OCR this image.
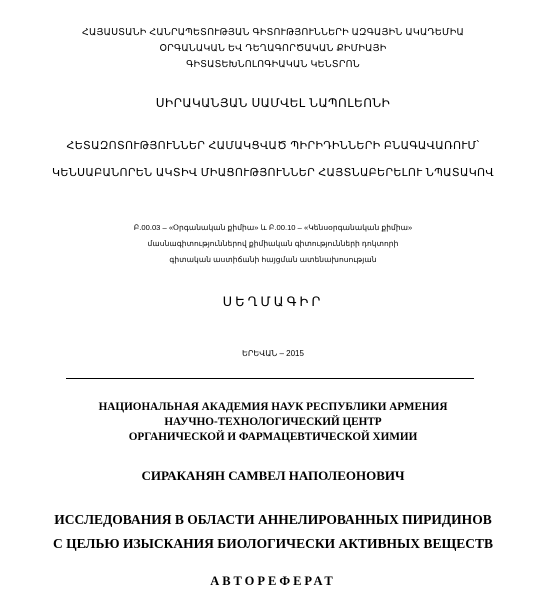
ՀԱՅԱՍՏԱՆԻ ՀԱՆՐԱՊԵՏՈՒԹՅԱՆ ԳԻՏՈՒԹՅՈՒՆՆԵՐԻ ԱԶԳԱՅԻՆ ԱԿԱԴԵՄԻԱ
ՕՐԳԱՆԱԿԱՆ ԵՎ ԴԵՂԱԳՈՐԾԱԿԱՆ ՔԻՄԻԱՅԻ
ԳԻՏԱՏԵԽՆՈԼՈԳԻԱԿԱՆ ԿԵՆՏՐՈՆ
ՍԻՐԱԿԱՆՅԱՆ ՍԱՄՎԵԼ ՆԱՊՈԼԵՈՆԻ
ՀԵՏԱԶՈՏՈՒԹՅՈՒՆՆԵՐ ՀԱՄԱԿՑՎԱԾ ՊԻՐԻԴԻՆՆԵՐԻ ԲՆԱԳԱՎԱՌՈՒՄ՝
ԿԵՆՍԱԲԱՆՈՐԵՆ ԱԿՏԻՎ ՄԻԱՑՈՒԹՅՈՒՆՆԵՐ ՀԱՅՏՆԱԲԵՐԵԼՈՒ ՆՊԱՏԱԿՈՎ
Բ.00.03 – «Օրգանական քիմիա» և Բ.00.10 – «Կենսօրգանական քիմիա»
մասնագիտություններով քիմիական գիտությունների դոկտորի
գիտական աստիճանի հայցման ատենախոսության
ՍԵՂՄԱԳԻՐ
ԵՐԵՎԱՆ – 2015
НАЦИОНАЛЬНАЯ АКАДЕМИЯ НАУК РЕСПУБЛИКИ АРМЕНИЯ
НАУЧНО-ТЕХНОЛОГИЧЕСКИЙ ЦЕНТР
ОРГАНИЧЕСКОЙ И ФАРМАЦЕВТИЧЕСКОЙ ХИМИИ
СИРАКАНЯН САМВЕЛ НАПОЛЕОНОВИЧ
ИССЛЕДОВАНИЯ В ОБЛАСТИ АННЕЛИРОВАННЫХ ПИРИДИНОВ
С ЦЕЛЬЮ ИЗЫСКАНИЯ БИОЛОГИЧЕСКИ АКТИВНЫХ ВЕЩЕСТВ
АВТОРЕФЕРАТ
